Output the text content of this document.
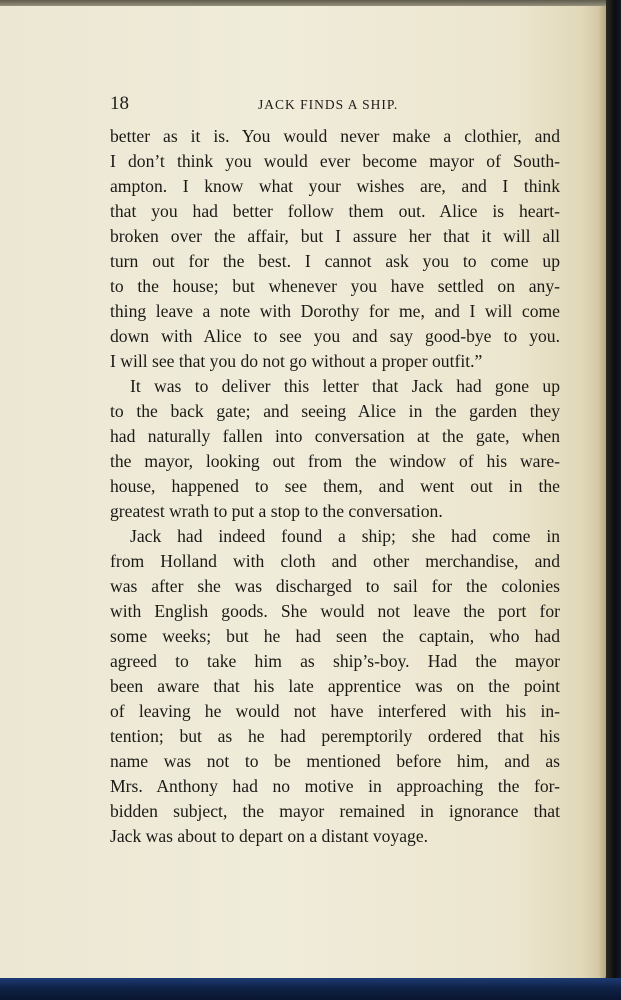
18	JACK FINDS A SHIP.

better as it is. You would never make a clothier, and
I don’t think you would ever become mayor of South-
ampton. I know what your wishes are, and I think
that you had better follow them out. Alice is heart-
broken over the affair, but I assure her that it will all
turn out for the best. I cannot ask you to come up
to the house; but whenever you have settled on any-
thing leave a note with Dorothy for me, and I will come
down with Alice to see you and say good-bye to you.
I will see that you do not go without a proper outfit.”

It was to deliver this letter that Jack had gone up
to the back gate; and seeing Alice in the garden they
had naturally fallen into conversation at the gate, when
the mayor, looking out from the window of his ware-
house, happened to see them, and went out in the
greatest wrath to put a stop to the conversation.

Jack had indeed found a ship; she had come in
from Holland with cloth and other merchandise, and
was after she was discharged to sail for the colonies
with English goods. She would not leave the port for
some weeks; but he had seen the captain, who had
agreed to take him as ship’s-boy. Had the mayor
been aware that his late apprentice was on the point
of leaving he would not have interfered with his in-
tention; but as he had peremptorily ordered that his
name was not to be mentioned before him, and as
Mrs. Anthony had no motive in approaching the for-
bidden subject, the mayor remained in ignorance that
Jack was about to depart on a distant voyage.
